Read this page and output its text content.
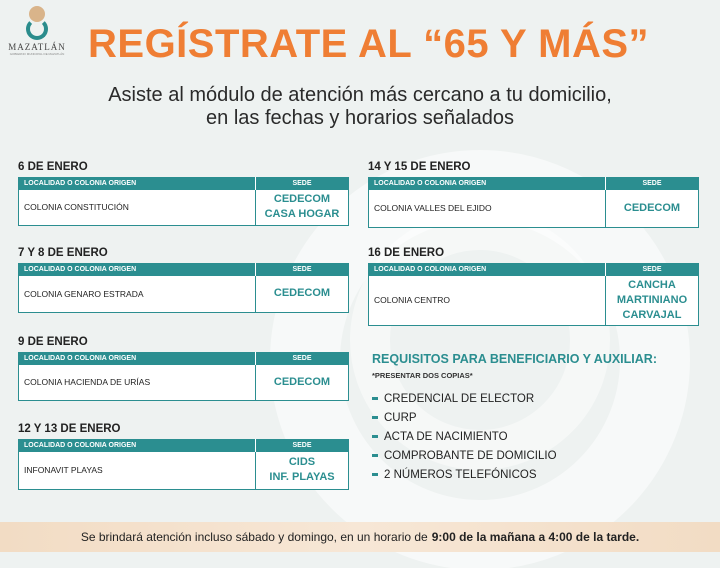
MAZATLÁN
GOBIERNO MUNICIPAL DE MAZATLÁN REGÍSTRATE AL “65 Y MÁS”
Asiste al módulo de atención más cercano a tu domicilio,
en las fechas y horarios señalados
6 DE ENERO
LOCALIDAD O COLONIA ORIGEN	SEDE
COLONIA CONSTITUCIÓN	CEDECOM
CASA HOGAR
7 Y 8 DE ENERO
LOCALIDAD O COLONIA ORIGEN	SEDE
COLONIA GENARO ESTRADA	CEDECOM
9 DE ENERO
LOCALIDAD O COLONIA ORIGEN	SEDE
COLONIA HACIENDA DE URÍAS	CEDECOM
12 Y 13 DE ENERO
LOCALIDAD O COLONIA ORIGEN	SEDE
INFONAVIT PLAYAS	CIDS
INF. PLAYAS
14 Y 15 DE ENERO
LOCALIDAD O COLONIA ORIGEN	SEDE
COLONIA VALLES DEL EJIDO	CEDECOM
16 DE ENERO
LOCALIDAD O COLONIA ORIGEN	SEDE
COLONIA CENTRO	CANCHA
MARTINIANO
CARVAJAL
REQUISITOS PARA BENEFICIARIO Y AUXILIAR:
*PRESENTAR DOS COPIAS*
CREDENCIAL DE ELECTOR
CURP
ACTA DE NACIMIENTO
COMPROBANTE DE DOMICILIO
2 NÚMEROS TELEFÓNICOS
Se brindará atención incluso sábado y domingo, en un horario de 9:00 de la mañana a 4:00 de la tarde.
